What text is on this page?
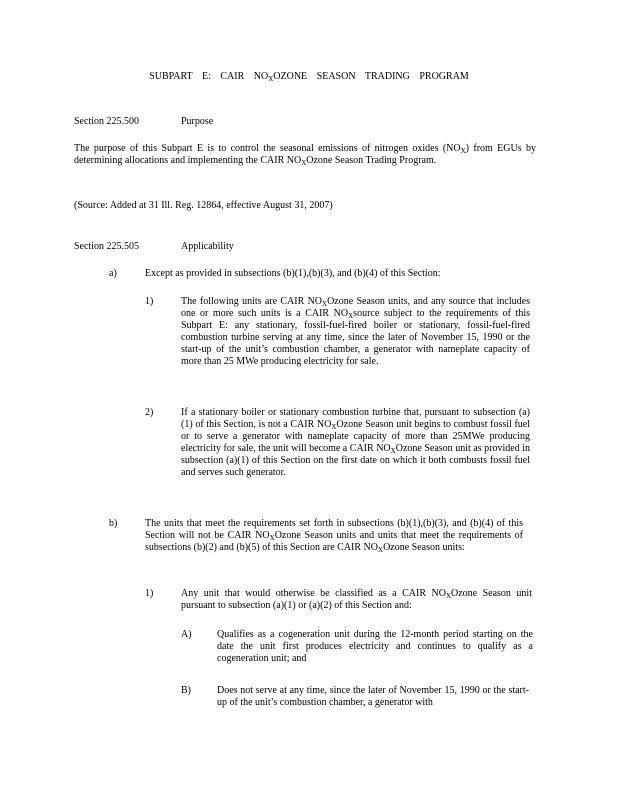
SUBPART E: CAIR $NO_XOZONE$ SEASON TRADING PROGRAM
Section 225.500	Purpose
The purpose of this Subpart E is to control the seasonal emissions of nitrogen oxides $(NO_X)$ from EGUs by determining allocations and implementing the CAIR $NO_XOzone$ Season Trading Program.
(Source: Added at 31 Ill. Reg. 12864, effective August 31, 2007)
Section 225.505	Applicability
a)	Except as provided in subsections (b)(1),(b)(3), and (b)(4) of this Section:
1)	The following units are CAIR $NO_XOzone$ Season units, and any source that includes one or more such units is a CAIR $NO_Xsource$ subject to the requirements of this Subpart E: any stationary, fossil-fuel-fired boiler or stationary, fossil-fuel-fired combustion turbine serving at any time, since the later of November 15, 1990 or the start-up of the unit’s combustion chamber, a generator with nameplate capacity of more than 25 MWe producing electricity for sale.
2)	If a stationary boiler or stationary combustion turbine that, pursuant to subsection (a)(1) of this Section, is not a CAIR $NO_XOzone$ Season unit begins to combust fossil fuel or to serve a generator with nameplate capacity of more than 25MWe producing electricity for sale, the unit will become a CAIR $NO_XOzone$ Season unit as provided in subsection (a)(1) of this Section on the first date on which it both combusts fossil fuel and serves such generator.
b)	The units that meet the requirements set forth in subsections (b)(1),(b)(3), and (b)(4) of this Section will not be CAIR $NO_XOzone$ Season units and units that meet the requirements of subsections (b)(2) and (b)(5) of this Section are CAIR $NO_XOzone$ Season units:
1)	Any unit that would otherwise be classified as a CAIR $NO_XOzone$ Season unit pursuant to subsection (a)(1) or (a)(2) of this Section and:
A)	Qualifies as a cogeneration unit during the 12-month period starting on the date the unit first produces electricity and continues to qualify as a cogeneration unit; and
B)	Does not serve at any time, since the later of November 15, 1990 or the start-up of the unit’s combustion chamber, a generator with
